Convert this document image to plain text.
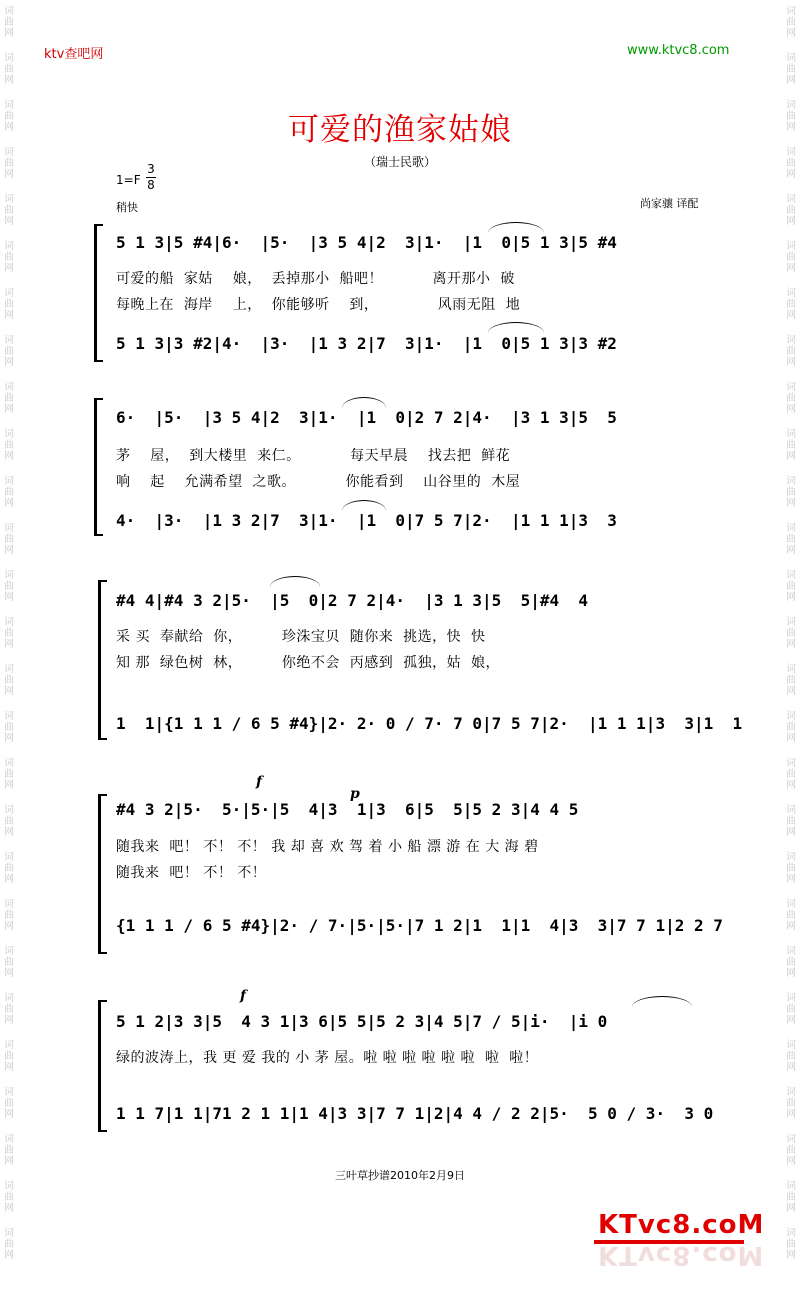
词
曲
网
词
曲
网
词
曲
网
词
曲
网
词
曲
网
词
曲
网
词
曲
网
词
曲
网
词
曲
网
词
曲
网
词
曲
网
词
曲
网
词
曲
网
词
曲
网
词
曲
网
词
曲
网
词
曲
网
词
曲
网
词
曲
网
词
曲
网
词
曲
网
词
曲
网
词
曲
网
词
曲
网
词
曲
网
词
曲
网
词
曲
网
词
曲
网
词
曲
网
词
曲
网
词
曲
网
词
曲
网
词
曲
网
词
曲
网
词
曲
网
词
曲
网
词
曲
网
词
曲
网
词
曲
网
词
曲
网
词
曲
网
词
曲
网
词
曲
网
词
曲
网
词
曲
网
词
曲
网
词
曲
网
词
曲
网
词
曲
网
词
曲
网
词
曲
网
词
曲
网
词
曲
网
词
曲
网
ktv查吧网	www.ktvc8.com
可爱的渔家姑娘
（瑞士民歌）
1=F
3
8
稍快	尚家骧 译配
5 1 3|5 #4|6·  |5·  |3 5 4|2  3|1·  |1  0|5 1 3|5 #4
可爱的船  家姑    娘，  丢掉那小  船吧！          离开那小  破
每晚上在  海岸    上，  你能够听    到，            风雨无阻  地
5 1 3|3 #2|4·  |3·  |1 3 2|7  3|1·  |1  0|5 1 3|3 #2
6·  |5·  |3 5 4|2  3|1·  |1  0|2 7 2|4·  |3 1 3|5  5
茅    屋，  到大楼里  来仁。          每天早晨    找去把  鲜花
响    起    允满希望  之歌。          你能看到    山谷里的  木屋
4·  |3·  |1 3 2|7  3|1·  |1  0|7 5 7|2·  |1 1 1|3  3
#4 4|#4 3 2|5·  |5  0|2 7 2|4·  |3 1 3|5  5|#4  4
采 买  奉献给  你，        珍洙宝贝  随你来  挑选，快  快
知 那  绿色树  林，        你绝不会  丙感到  孤独，姑  娘，
1  1|{1 1 1 / 6 5 #4}|2· 2· 0 / 7· 7 0|7 5 7|2·  |1 1 1|3  3|1  1
f
p
#4 3 2|5·  5·|5·|5  4|3  1|3  6|5  5|5 2 3|4 4 5
随我来  吧！ 不！ 不！ 我 却 喜 欢 驾 着 小 船 漂 游 在 大 海 碧
随我来  吧！ 不！ 不！
{1 1 1 / 6 5 #4}|2· / 7·|5·|5·|7 1 2|1  1|1  4|3  3|7 7 1|2 2 7
f
5 1 2|3 3|5  4 3 1|3 6|5 5|5 2 3|4 5|7 / 5|i·  |i 0
绿的波涛上，我 更 爱 我的 小 茅 屋。啦 啦 啦 啦 啦 啦  啦  啦！
1 1 7|1 1|71 2 1 1|1 4|3 3|7 7 1|2|4 4 / 2 2|5·  5 0 / 3·  3 0
三叶草抄谱2010年2月9日
KTvc8.coM
KTvc8.coM
